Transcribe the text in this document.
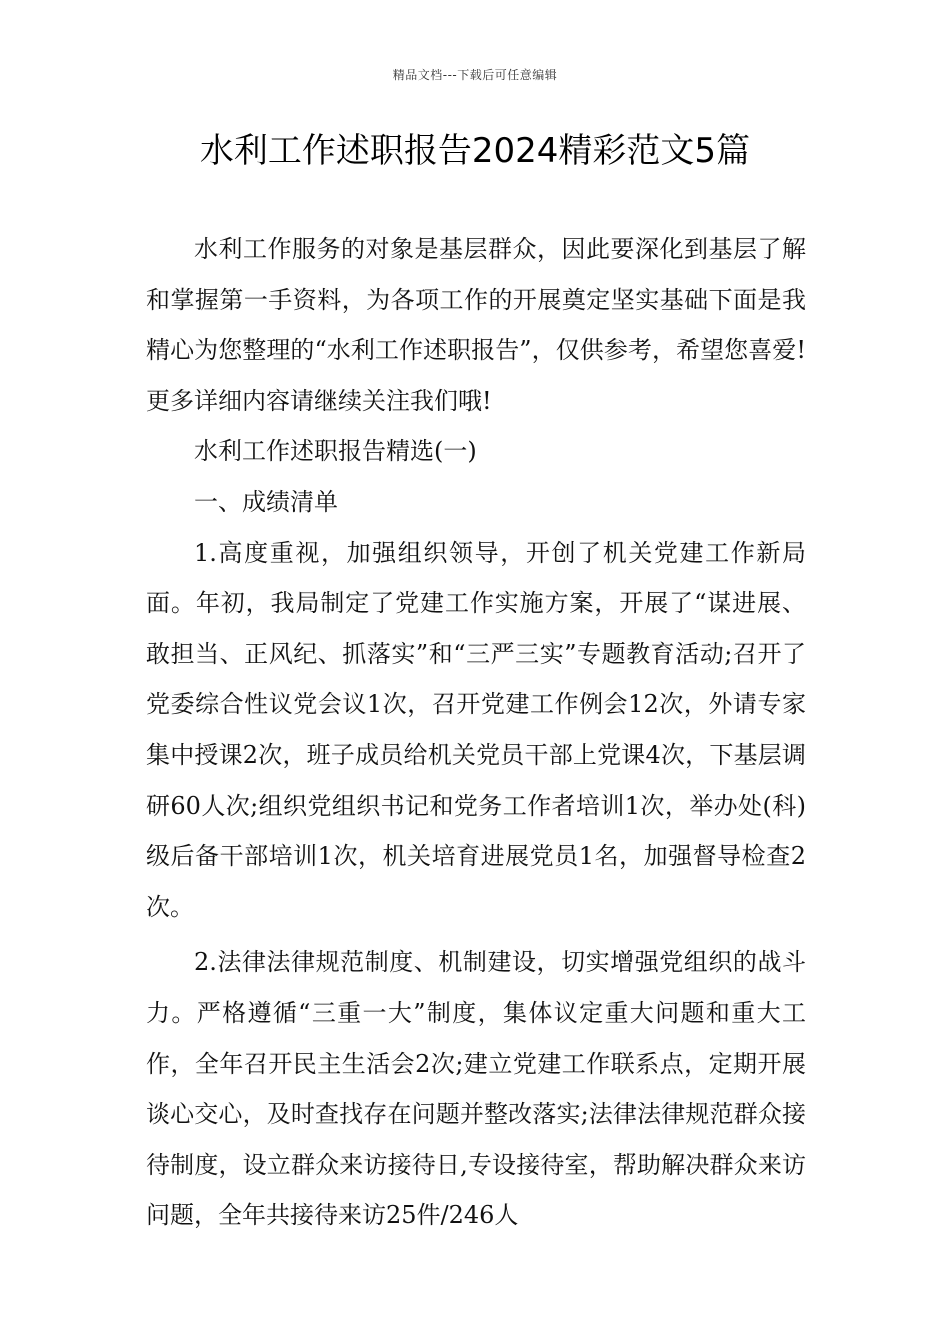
精品文档---下载后可任意编辑
水利工作述职报告2024精彩范文5篇

水利工作服务的对象是基层群众，因此要深化到基层了解和掌握第一手资料，为各项工作的开展奠定坚实基础下面是我精心为您整理的“水利工作述职报告”，仅供参考，希望您喜爱!更多详细内容请继续关注我们哦!

水利工作述职报告精选(一)

一、成绩清单

1.高度重视，加强组织领导，开创了机关党建工作新局面。年初，我局制定了党建工作实施方案，开展了“谋进展、敢担当、正风纪、抓落实”和“三严三实”专题教育活动;召开了党委综合性议党会议1次，召开党建工作例会12次，外请专家集中授课2次，班子成员给机关党员干部上党课4次，下基层调研60人次;组织党组织书记和党务工作者培训1次，举办处(科)级后备干部培训1次，机关培育进展党员1名，加强督导检查2次。

2.法律法律规范制度、机制建设，切实增强党组织的战斗力。严格遵循“三重一大”制度，集体议定重大问题和重大工作，全年召开民主生活会2次;建立党建工作联系点，定期开展谈心交心，及时查找存在问题并整改落实;法律法律规范群众接待制度，设立群众来访接待日,专设接待室，帮助解决群众来访问题，全年共接待来访25件/246人
